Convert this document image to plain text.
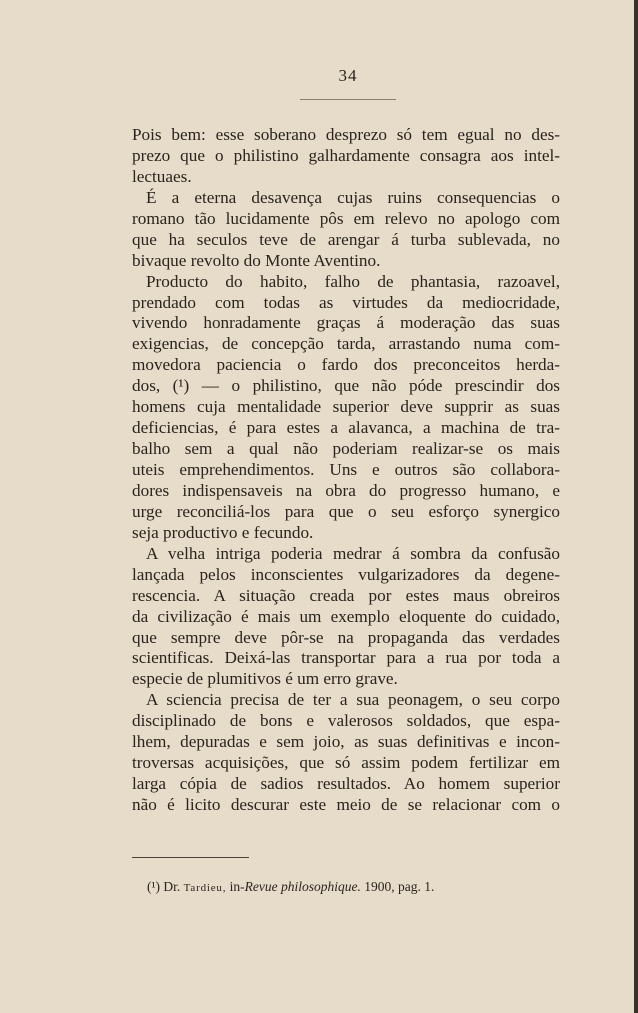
34
Pois bem: esse soberano desprezo só tem egual no des-
prezo que o philistino galhardamente consagra aos intel-
lectuaes.
É a eterna desavença cujas ruins consequencias o
romano tão lucidamente pôs em relevo no apologo com
que ha seculos teve de arengar á turba sublevada, no
bivaque revolto do Monte Aventino.
Producto do habito, falho de phantasia, razoavel,
prendado com todas as virtudes da mediocridade,
vivendo honradamente graças á moderação das suas
exigencias, de concepção tarda, arrastando numa com-
movedora paciencia o fardo dos preconceitos herda-
dos, (¹) — o philistino, que não póde prescindir dos
homens cuja mentalidade superior deve supprir as suas
deficiencias, é para estes a alavanca, a machina de tra-
balho sem a qual não poderiam realizar-se os mais
uteis emprehendimentos. Uns e outros são collabora-
dores indispensaveis na obra do progresso humano, e
urge reconciliá-los para que o seu esforço synergico
seja productivo e fecundo.
A velha intriga poderia medrar á sombra da confusão
lançada pelos inconscientes vulgarizadores da degene-
rescencia. A situação creada por estes maus obreiros
da civilização é mais um exemplo eloquente do cuidado,
que sempre deve pôr-se na propaganda das verdades
scientificas. Deixá-las transportar para a rua por toda a
especie de plumitivos é um erro grave.
A sciencia precisa de ter a sua peonagem, o seu corpo
disciplinado de bons e valerosos soldados, que espa-
lhem, depuradas e sem joio, as suas definitivas e incon-
troversas acquisições, que só assim podem fertilizar em
larga cópia de sadios resultados. Ao homem superior
não é licito descurar este meio de se relacionar com o
(¹) Dr. Tardieu, in-Revue philosophique. 1900, pag. 1.
